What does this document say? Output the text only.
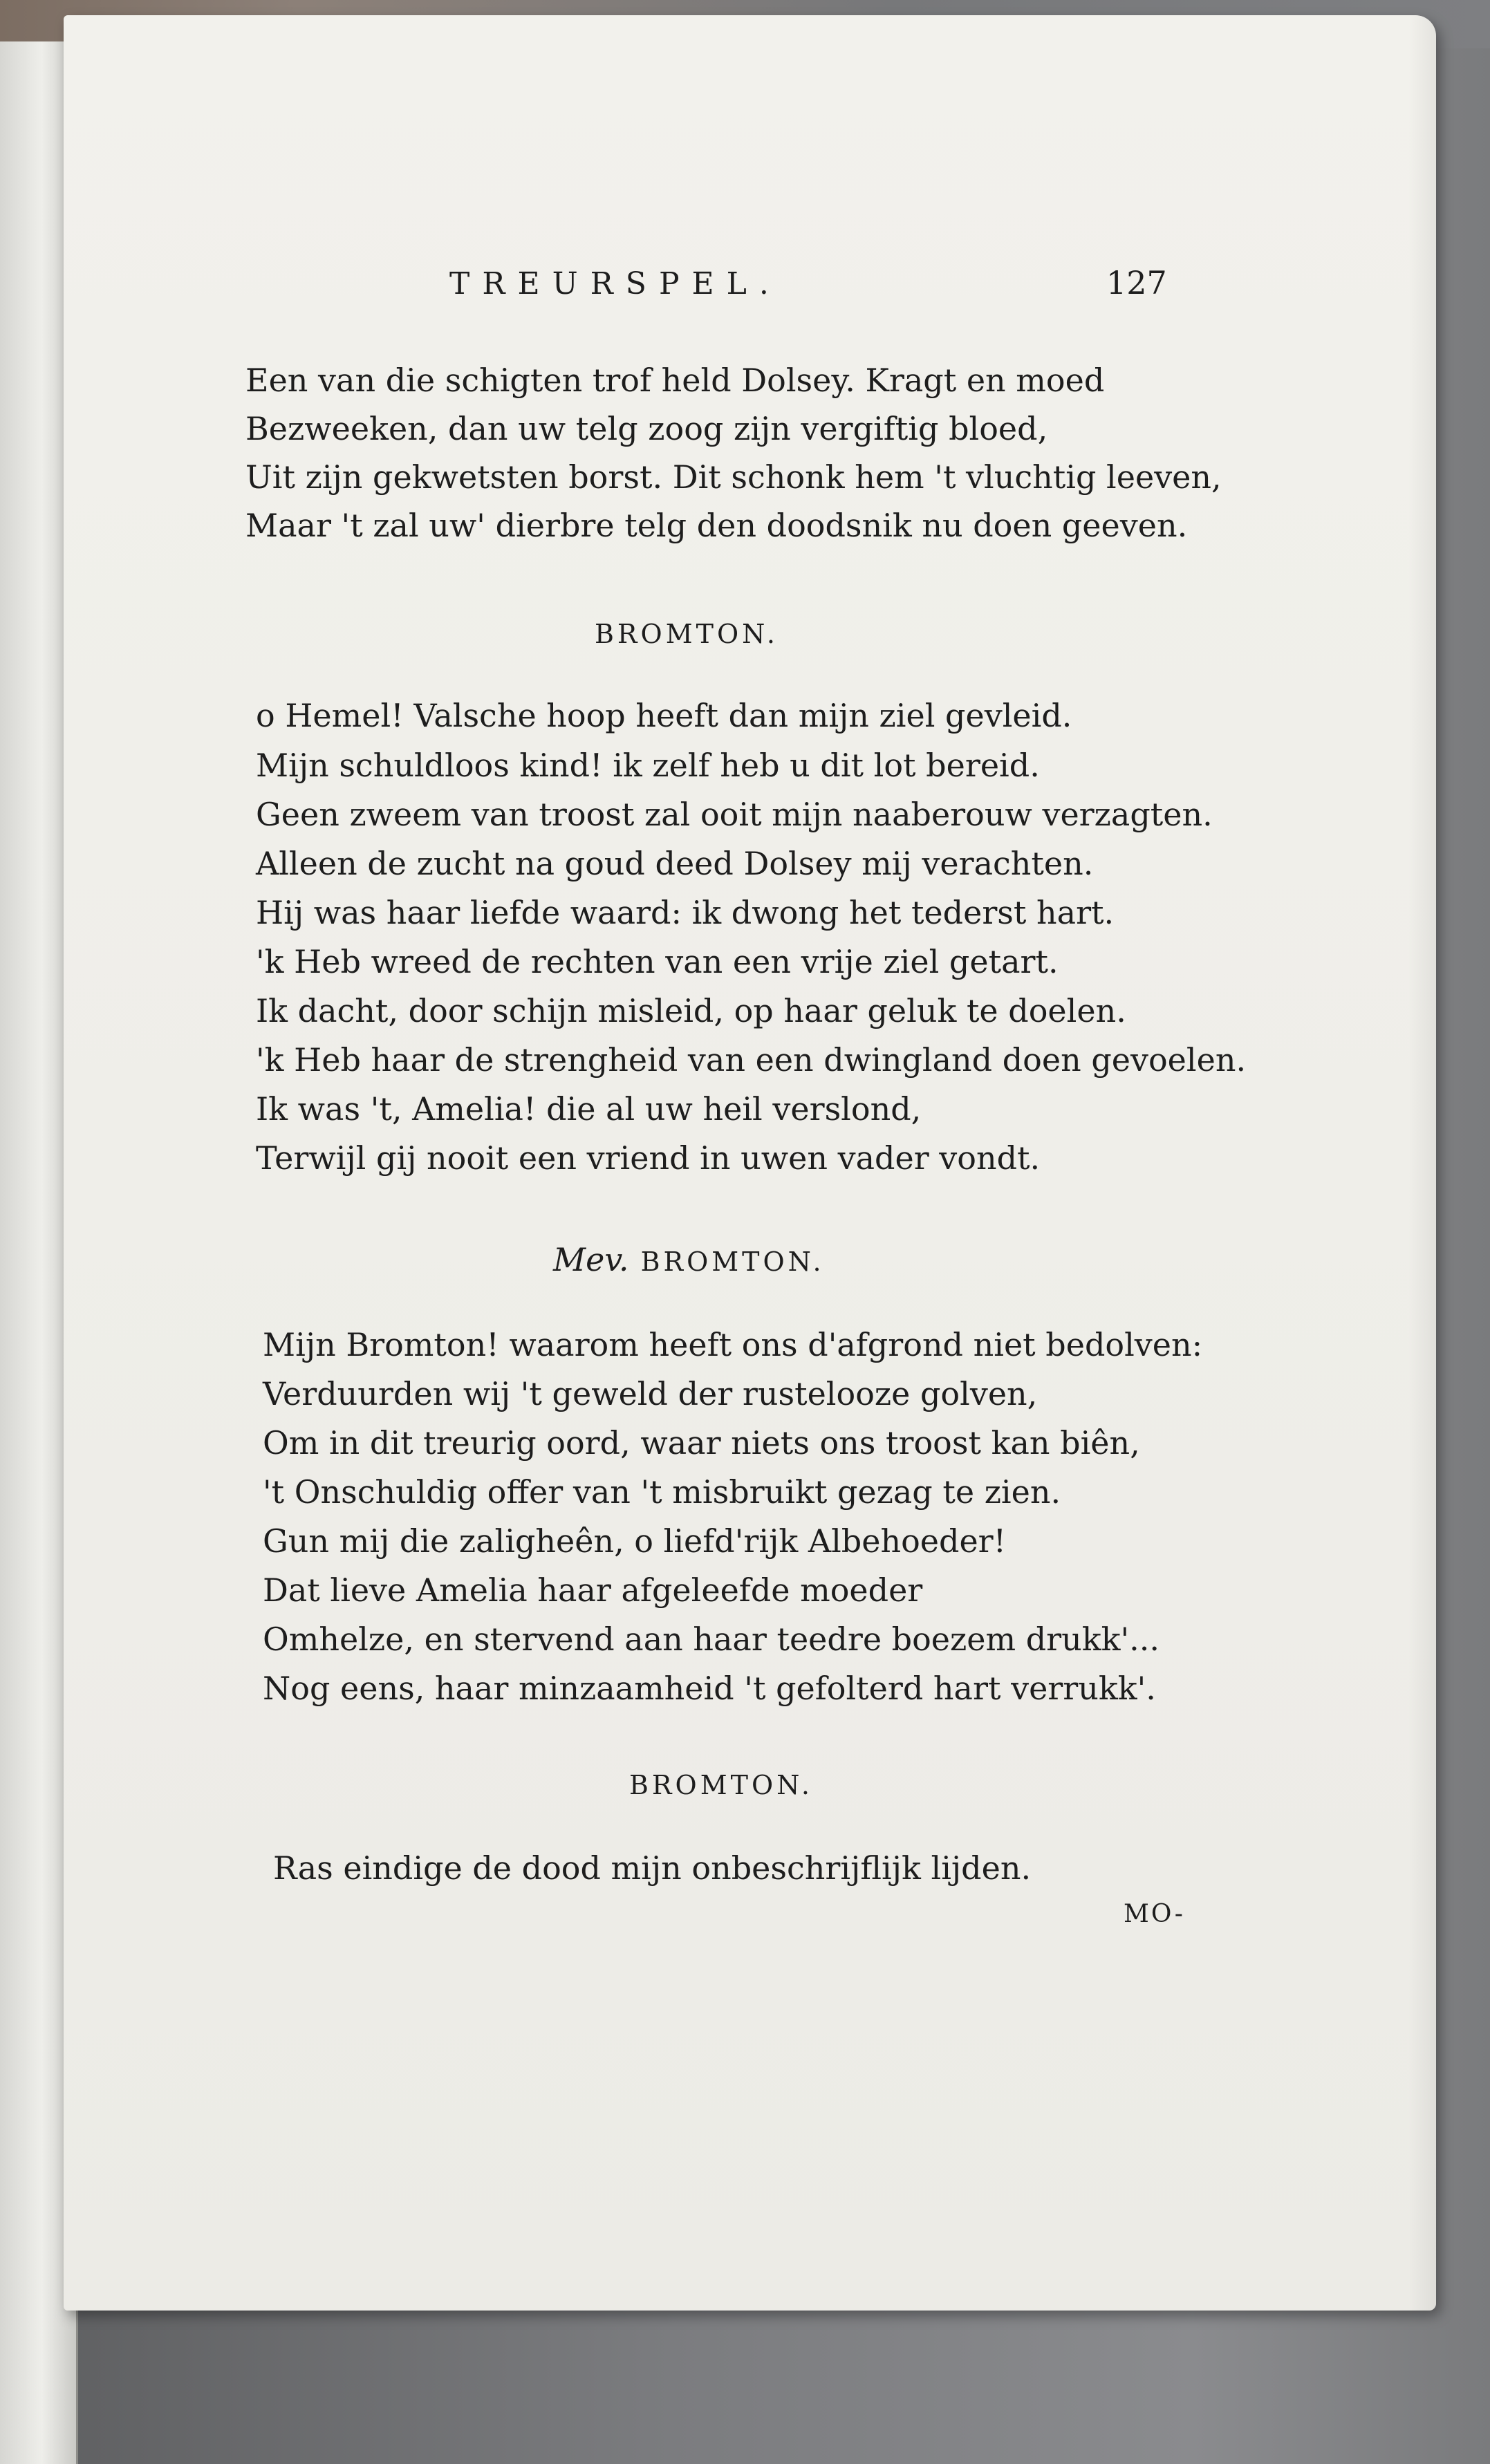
TREURSPEL.	127
Een van die schigten trof held Dolsey. Kragt en moed
Bezweeken, dan uw telg zoog zijn vergiftig bloed,
Uit zijn gekwetsten borst. Dit schonk hem 't vluchtig leeven,
Maar 't zal uw' dierbre telg den doodsnik nu doen geeven.
BROMTON.
o Hemel! Valsche hoop heeft dan mijn ziel gevleid.
Mijn schuldloos kind! ik zelf heb u dit lot bereid.
Geen zweem van troost zal ooit mijn naaberouw verzagten.
Alleen de zucht na goud deed Dolsey mij verachten.
Hij was haar liefde waard: ik dwong het tederst hart.
'k Heb wreed de rechten van een vrije ziel getart.
Ik dacht, door schijn misleid, op haar geluk te doelen.
'k Heb haar de strengheid van een dwingland doen gevoelen.
Ik was 't, Amelia! die al uw heil verslond,
Terwijl gij nooit een vriend in uwen vader vondt.
Mev. BROMTON.
Mijn Bromton! waarom heeft ons d'afgrond niet bedolven:
Verduurden wij 't geweld der rustelooze golven,
Om in dit treurig oord, waar niets ons troost kan biên,
't Onschuldig offer van 't misbruikt gezag te zien.
Gun mij die zaligheên, o liefd'rijk Albehoeder!
Dat lieve Amelia haar afgeleefde moeder
Omhelze, en stervend aan haar teedre boezem drukk'...
Nog eens, haar minzaamheid 't gefolterd hart verrukk'.
BROMTON.
Ras eindige de dood mijn onbeschrijflijk lijden.
MO-
